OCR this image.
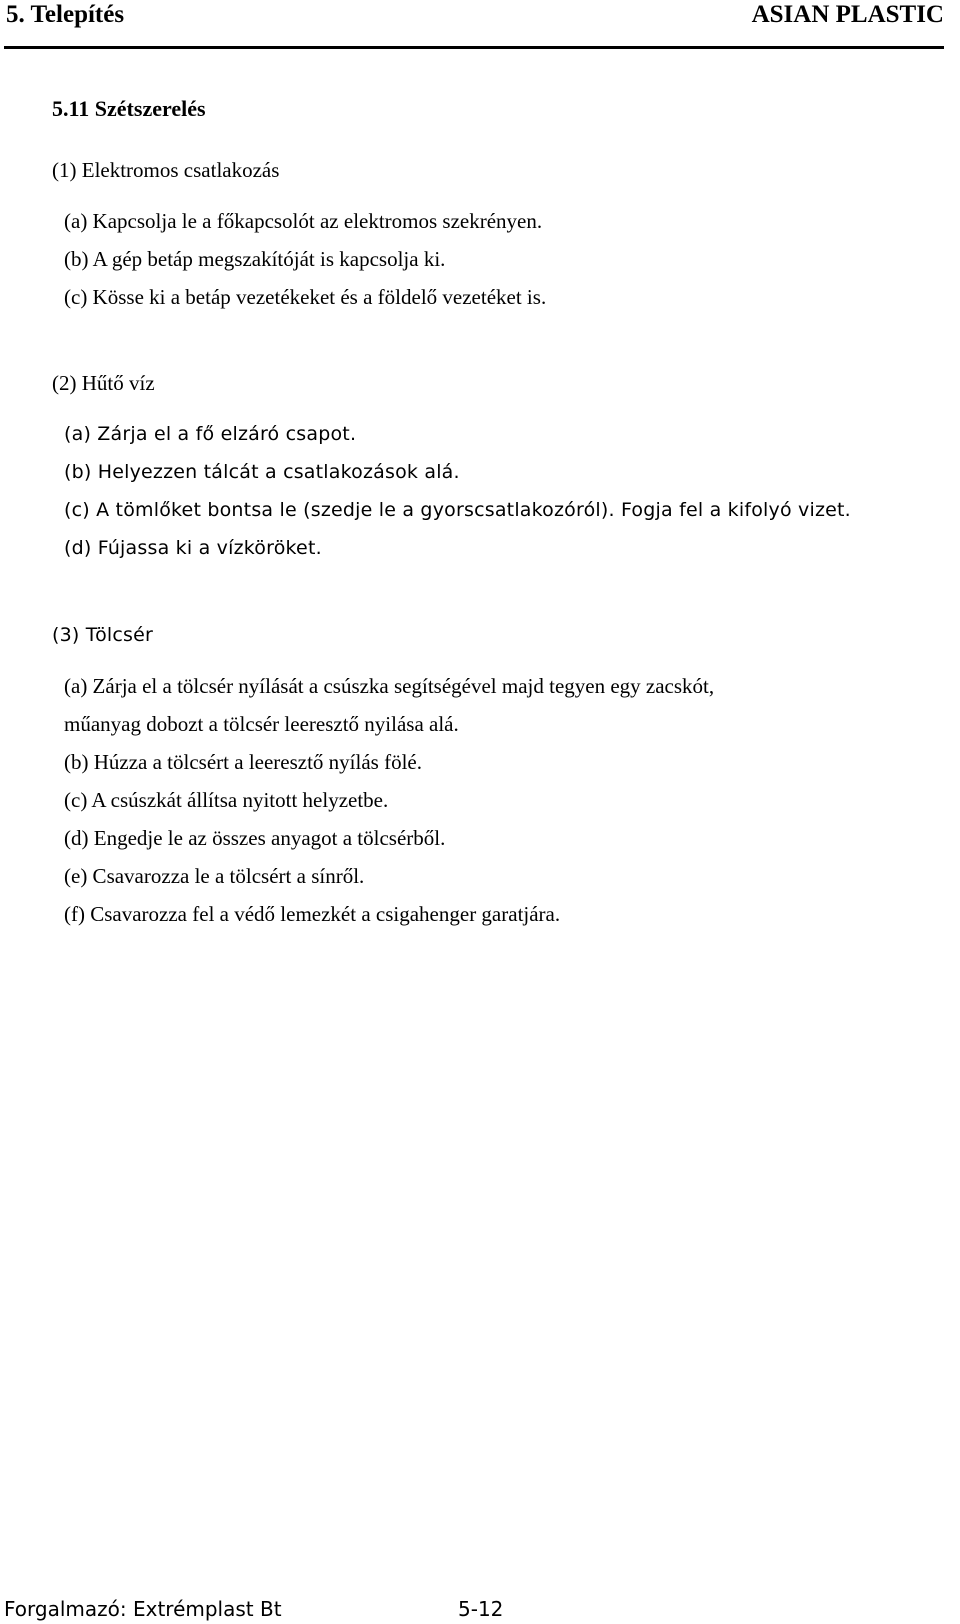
5. Telepítés	ASIAN PLASTIC
5.11 Szétszerelés
(1) Elektromos csatlakozás
(a) Kapcsolja le a főkapcsolót az elektromos szekrényen.
(b) A gép betáp megszakítóját is kapcsolja ki.
(c) Kösse ki a betáp vezetékeket és a földelő vezetéket is.
(2) Hűtő víz
(a) Zárja el a fő elzáró csapot.
(b) Helyezzen tálcát a csatlakozások alá.
(c) A tömlőket bontsa le (szedje le a gyorscsatlakozóról). Fogja fel a kifolyó vizet.
(d) Fújassa ki a vízköröket.
(3) Tölcsér
(a) Zárja el a tölcsér nyílását a csúszka segítségével majd tegyen egy zacskót,
műanyag dobozt a tölcsér leeresztő nyilása alá.
(b) Húzza a tölcsért a leeresztő nyílás fölé.
(c) A csúszkát állítsa nyitott helyzetbe.
(d) Engedje le az összes anyagot a tölcsérből.
(e) Csavarozza le a tölcsért a sínről.
(f) Csavarozza fel a védő lemezkét a csigahenger garatjára.
Forgalmazó: Extrémplast Bt	5-12
